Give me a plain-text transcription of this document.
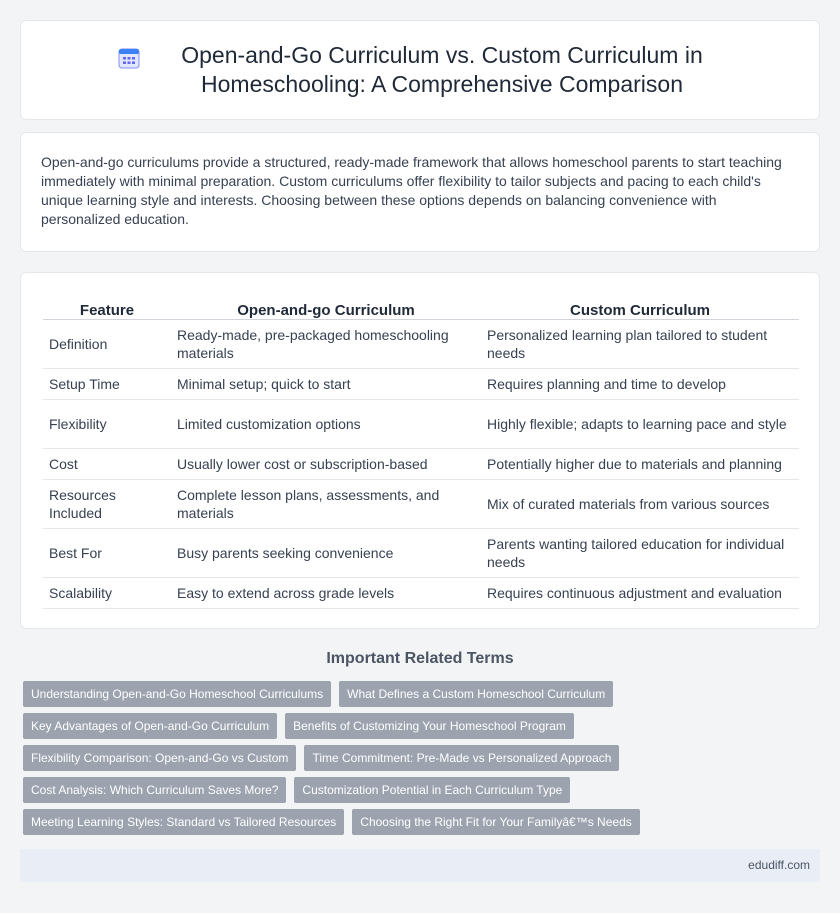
Open-and-Go Curriculum vs. Custom Curriculum in Homeschooling: A Comprehensive Comparison

Open-and-go curriculums provide a structured, ready-made framework that allows homeschool parents to start teaching immediately with minimal preparation. Custom curriculums offer flexibility to tailor subjects and pacing to each child's unique learning style and interests. Choosing between these options depends on balancing convenience with personalized education.

Feature	Open-and-go Curriculum	Custom Curriculum
Definition	Ready-made, pre-packaged homeschooling materials	Personalized learning plan tailored to student needs
Setup Time	Minimal setup; quick to start	Requires planning and time to develop
Flexibility	Limited customization options	Highly flexible; adapts to learning pace and style
Cost	Usually lower cost or subscription-based	Potentially higher due to materials and planning
Resources Included	Complete lesson plans, assessments, and materials	Mix of curated materials from various sources
Best For	Busy parents seeking convenience	Parents wanting tailored education for individual needs
Scalability	Easy to extend across grade levels	Requires continuous adjustment and evaluation
Important Related Terms
Understanding Open-and-Go Homeschool Curriculums	What Defines a Custom Homeschool Curriculum
Key Advantages of Open-and-Go Curriculum	Benefits of Customizing Your Homeschool Program
Flexibility Comparison: Open-and-Go vs Custom	Time Commitment: Pre-Made vs Personalized Approach
Cost Analysis: Which Curriculum Saves More?	Customization Potential in Each Curriculum Type
Meeting Learning Styles: Standard vs Tailored Resources	Choosing the Right Fit for Your Familyâ€™s Needs
edudiff.com
